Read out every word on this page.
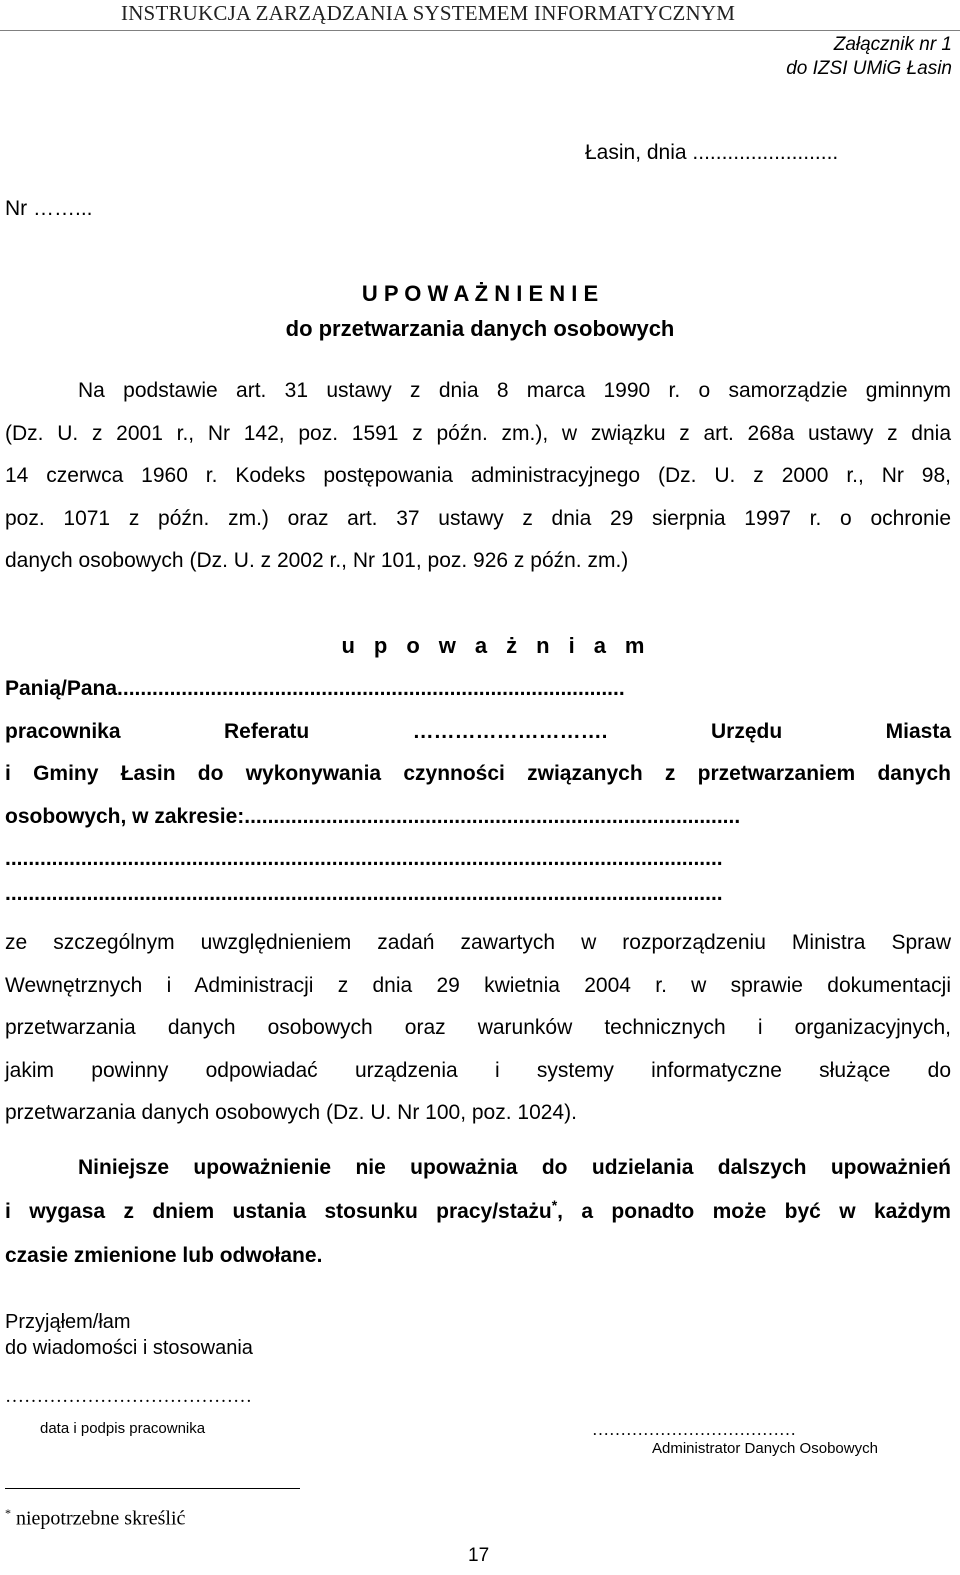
INSTRUKCJA ZARZĄDZANIA SYSTEMEM INFORMATYCZNYM
Załącznik nr 1
do IZSI UMiG Łasin
Łasin, dnia .........................
Nr ……...
U P O W A Ż N I E N I E
do przetwarzania danych osobowych
Na podstawie art. 31 ustawy z dnia 8 marca 1990 r. o samorządzie gminnym
(Dz. U. z 2001 r., Nr 142, poz. 1591 z późn. zm.), w związku z art. 268a ustawy z dnia
14 czerwca 1960 r. Kodeks postępowania administracyjnego (Dz. U. z 2000 r., Nr 98,
poz. 1071 z późn. zm.) oraz art. 37 ustawy z dnia 29 sierpnia 1997 r. o ochronie
danych osobowych (Dz. U. z 2002 r., Nr 101, poz. 926 z późn. zm.)
upoważniam
Panią/Pana.......................................................................................
pracownika Referatu ………………………. Urzędu Miasta
i Gminy Łasin do wykonywania czynności związanych z przetwarzaniem danych
osobowych, w zakresie:.....................................................................................
...........................................................................................................................
...........................................................................................................................
ze szczególnym uwzględnieniem zadań zawartych w rozporządzeniu Ministra Spraw
Wewnętrznych i Administracji z dnia 29 kwietnia 2004 r. w sprawie dokumentacji
przetwarzania danych osobowych oraz warunków technicznych i organizacyjnych,
jakim powinny odpowiadać urządzenia i systemy informatyczne służące do
przetwarzania danych osobowych (Dz. U. Nr 100, poz. 1024).
Niniejsze upoważnienie nie upoważnia do udzielania dalszych upoważnień
i wygasa z dniem ustania stosunku pracy/stażu*, a ponadto może być w każdym
czasie zmienione lub odwołane.
Przyjąłem/łam
do wiadomości i stosowania
…………………………………
data i podpis pracownika	………………………………
Administrator Danych Osobowych
* niepotrzebne skreślić
17
